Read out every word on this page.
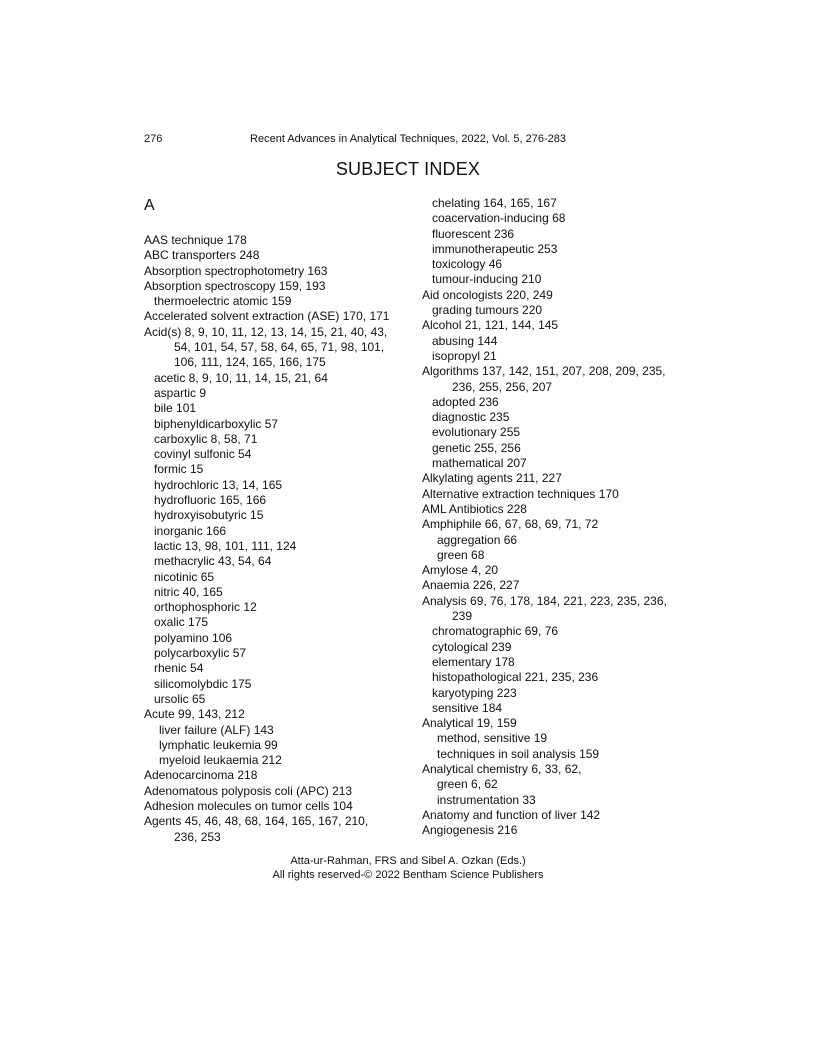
276	Recent Advances in Analytical Techniques, 2022, Vol. 5, 276-283
SUBJECT INDEX
A
AAS technique 178
ABC transporters 248
Absorption spectrophotometry 163
Absorption spectroscopy 159, 193
thermoelectric atomic 159
Accelerated solvent extraction (ASE) 170, 171
Acid(s) 8, 9, 10, 11, 12, 13, 14, 15, 21, 40, 43,
54, 101, 54, 57, 58, 64, 65, 71, 98, 101,
106, 111, 124, 165, 166, 175
acetic 8, 9, 10, 11, 14, 15, 21, 64
aspartic 9
bile 101
biphenyldicarboxylic 57
carboxylic 8, 58, 71
covinyl sulfonic 54
formic 15
hydrochloric 13, 14, 165
hydrofluoric 165, 166
hydroxyisobutyric 15
inorganic 166
lactic 13, 98, 101, 111, 124
methacrylic 43, 54, 64
nicotinic 65
nitric 40, 165
orthophosphoric 12
oxalic 175
polyamino 106
polycarboxylic 57
rhenic 54
silicomolybdic 175
ursolic 65
Acute 99, 143, 212
liver failure (ALF) 143
lymphatic leukemia 99
myeloid leukaemia 212
Adenocarcinoma 218
Adenomatous polyposis coli (APC) 213
Adhesion molecules on tumor cells 104
Agents 45, 46, 48, 68, 164, 165, 167, 210,
236, 253
chelating 164, 165, 167
coacervation-inducing 68
fluorescent 236
immunotherapeutic 253
toxicology 46
tumour-inducing 210
Aid oncologists 220, 249
grading tumours 220
Alcohol 21, 121, 144, 145
abusing 144
isopropyl 21
Algorithms 137, 142, 151, 207, 208, 209, 235,
236, 255, 256, 207
adopted 236
diagnostic 235
evolutionary 255
genetic 255, 256
mathematical 207
Alkylating agents 211, 227
Alternative extraction techniques 170
AML Antibiotics 228
Amphiphile 66, 67, 68, 69, 71, 72
aggregation 66
green 68
Amylose 4, 20
Anaemia 226, 227
Analysis 69, 76, 178, 184, 221, 223, 235, 236,
239
chromatographic 69, 76
cytological 239
elementary 178
histopathological 221, 235, 236
karyotyping 223
sensitive 184
Analytical 19, 159
method, sensitive 19
techniques in soil analysis 159
Analytical chemistry 6, 33, 62,
green 6, 62
instrumentation 33
Anatomy and function of liver 142
Angiogenesis 216
Atta-ur-Rahman, FRS and Sibel A. Ozkan (Eds.)
All rights reserved-© 2022 Bentham Science Publishers
